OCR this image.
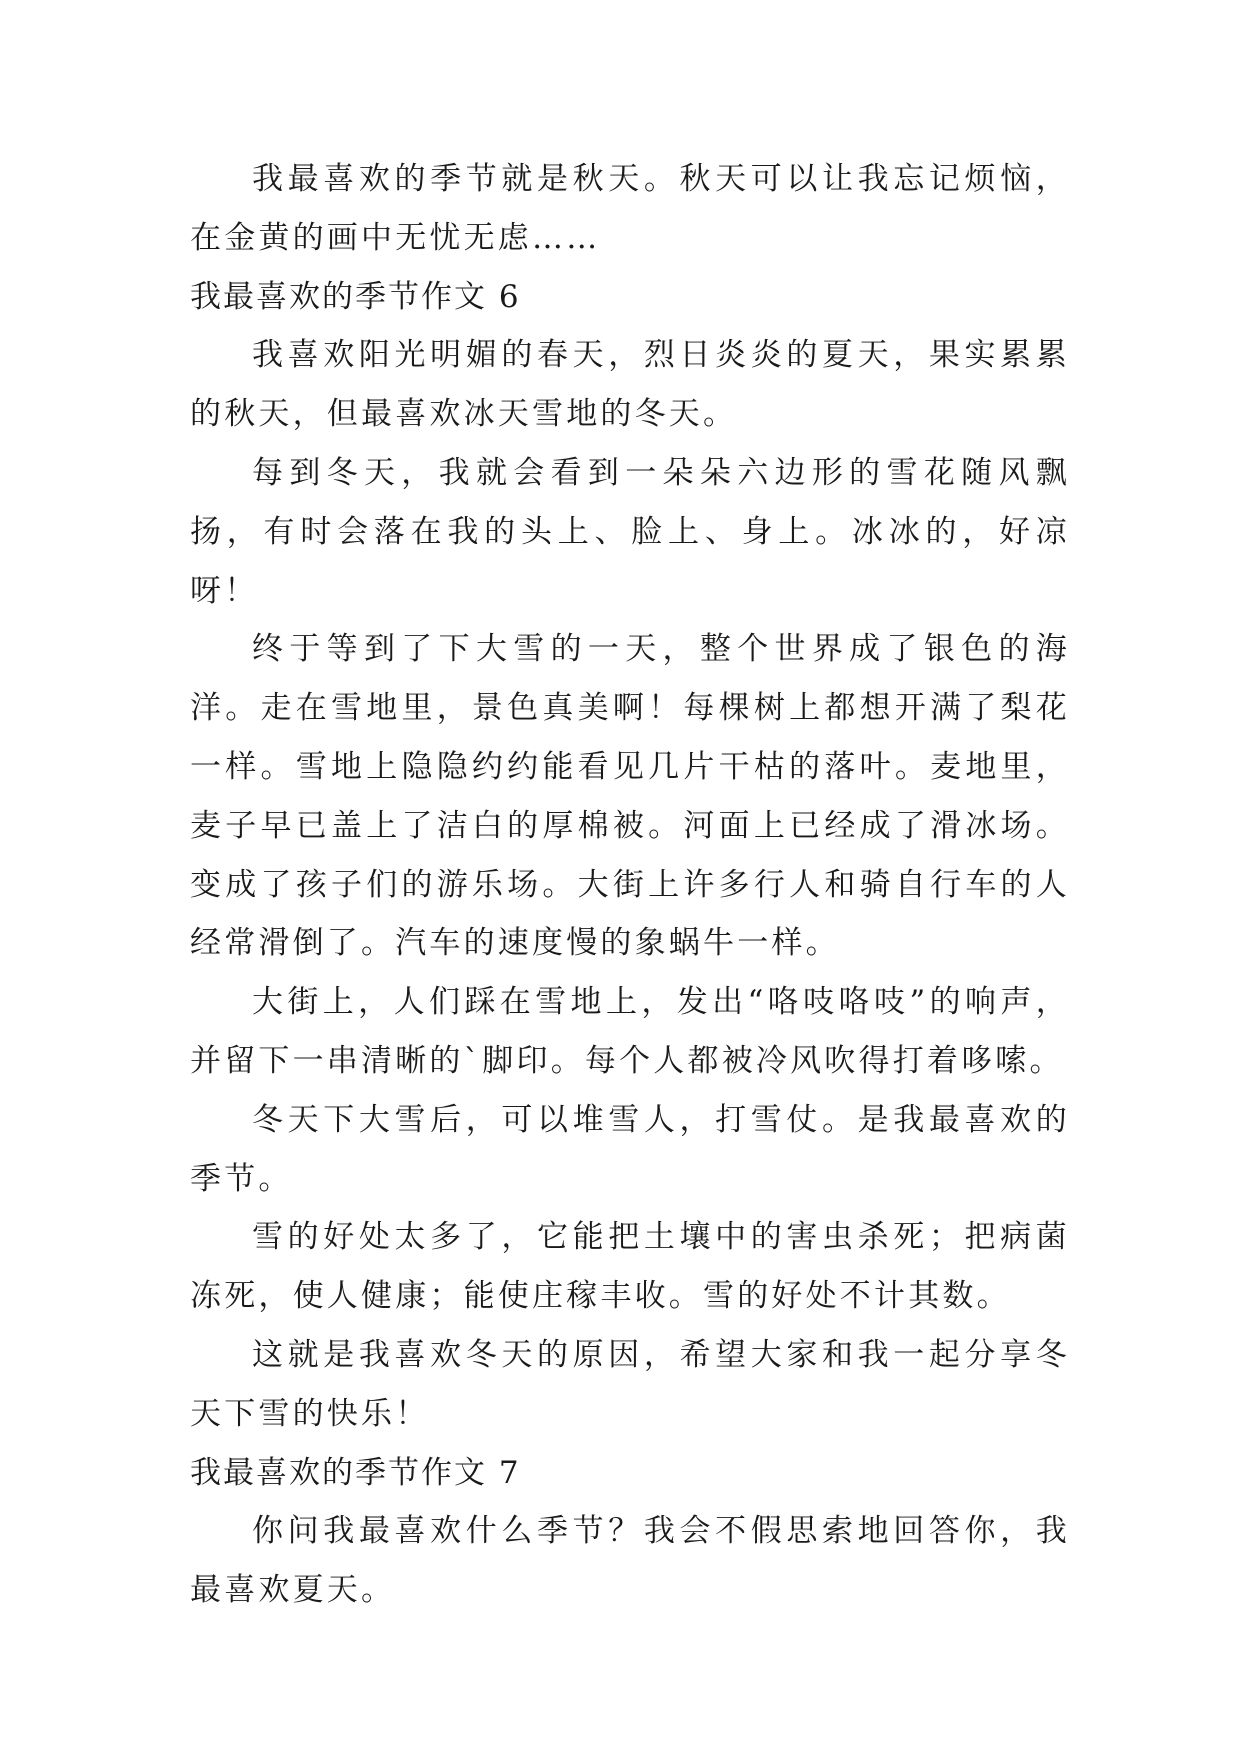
我最喜欢的季节就是秋天。秋天可以让我忘记烦恼，在金黄的画中无忧无虑……

我最喜欢的季节作文 6

我喜欢阳光明媚的春天，烈日炎炎的夏天，果实累累的秋天，但最喜欢冰天雪地的冬天。

每到冬天，我就会看到一朵朵六边形的雪花随风飘扬，有时会落在我的头上、脸上、身上。冰冰的，好凉呀！

终于等到了下大雪的一天，整个世界成了银色的海洋。走在雪地里，景色真美啊！每棵树上都想开满了梨花一样。雪地上隐隐约约能看见几片干枯的落叶。麦地里，麦子早已盖上了洁白的厚棉被。河面上已经成了滑冰场。变成了孩子们的游乐场。大街上许多行人和骑自行车的人经常滑倒了。汽车的速度慢的象蜗牛一样。

大街上，人们踩在雪地上，发出“咯吱咯吱”的响声，并留下一串清晰的`脚印。每个人都被冷风吹得打着哆嗦。

冬天下大雪后，可以堆雪人，打雪仗。是我最喜欢的季节。

雪的好处太多了，它能把土壤中的害虫杀死；把病菌冻死，使人健康；能使庄稼丰收。雪的好处不计其数。

这就是我喜欢冬天的原因，希望大家和我一起分享冬天下雪的快乐！

我最喜欢的季节作文 7

你问我最喜欢什么季节？我会不假思索地回答你，我最喜欢夏天。
